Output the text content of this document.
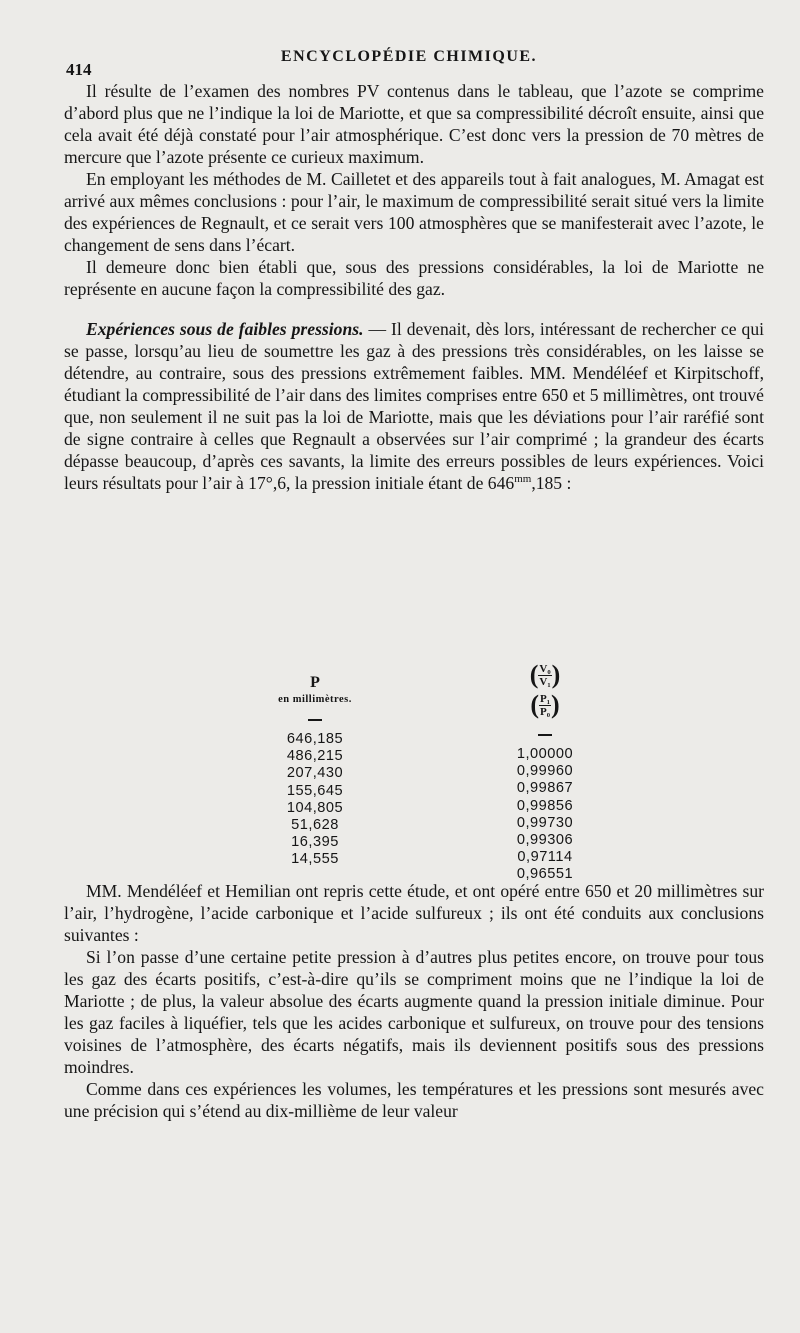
414
ENCYCLOPÉDIE CHIMIQUE.

Il résulte de l’examen des nombres PV contenus dans le tableau, que l’azote se comprime d’abord plus que ne l’indique la loi de Mariotte, et que sa compressibilité décroît ensuite, ainsi que cela avait été déjà constaté pour l’air atmosphérique. C’est donc vers la pression de 70 mètres de mercure que l’azote présente ce curieux maximum.

En employant les méthodes de M. Cailletet et des appareils tout à fait analogues, M. Amagat est arrivé aux mêmes conclusions : pour l’air, le maximum de compressibilité serait situé vers la limite des expériences de Regnault, et ce serait vers 100 atmosphères que se manifesterait avec l’azote, le changement de sens dans l’écart.

Il demeure donc bien établi que, sous des pressions considérables, la loi de Mariotte ne représente en aucune façon la compressibilité des gaz.

Expériences sous de faibles pressions. — Il devenait, dès lors, intéressant de rechercher ce qui se passe, lorsqu’au lieu de soumettre les gaz à des pressions très considérables, on les laisse se détendre, au contraire, sous des pressions extrêmement faibles. MM. Mendéléef et Kirpitschoff, étudiant la compressibilité de l’air dans des limites comprises entre 650 et 5 millimètres, ont trouvé que, non seulement il ne suit pas la loi de Mariotte, mais que les déviations pour l’air raréfié sont de signe contraire à celles que Regnault a observées sur l’air comprimé ; la grandeur des écarts dépasse beaucoup, d’après ces savants, la limite des erreurs possibles de leurs expériences. Voici leurs résultats pour l’air à 17°,6, la pression initiale étant de $646^{mm},185$ :

P
en millimètres.
646,185
486,215
207,430
155,645
104,805
51,628
16,395
14,555
( $\frac{\text{V₀}}{\text{V₁}}$ )
( $\frac{\text{P₁}}{\text{P₀}}$ )
1,00000
0,99960
0,99867
0,99856
0,99730
0,99306
0,97114
0,96551

MM. Mendéléef et Hemilian ont repris cette étude, et ont opéré entre 650 et 20 millimètres sur l’air, l’hydrogène, l’acide carbonique et l’acide sulfureux ; ils ont été conduits aux conclusions suivantes :

Si l’on passe d’une certaine petite pression à d’autres plus petites encore, on trouve pour tous les gaz des écarts positifs, c’est-à-dire qu’ils se compriment moins que ne l’indique la loi de Mariotte ; de plus, la valeur absolue des écarts augmente quand la pression initiale diminue. Pour les gaz faciles à liquéfier, tels que les acides carbonique et sulfureux, on trouve pour des tensions voisines de l’atmosphère, des écarts négatifs, mais ils deviennent positifs sous des pressions moindres.

Comme dans ces expériences les volumes, les températures et les pressions sont mesurés avec une précision qui s’étend au dix-millième de leur valeur
